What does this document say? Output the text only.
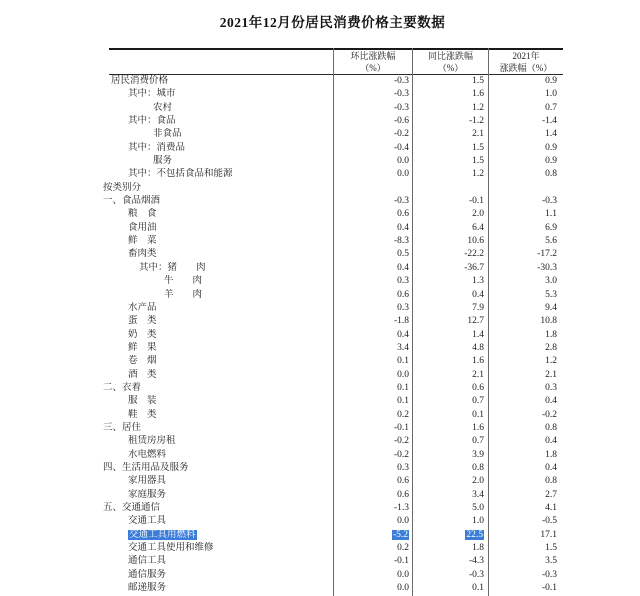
2021年12月份居民消费价格主要数据
环比涨跌幅
（%）
同比涨跌幅
（%）
2021年
涨跌幅（%）
居民消费价格	-0.3	1.5	0.9
其中：城市	-0.3	1.6	1.0
农村	-0.3	1.2	0.7
其中：食品	-0.6	-1.2	-1.4
非食品	-0.2	2.1	1.4
其中：消费品	-0.4	1.5	0.9
服务	0.0	1.5	0.9
其中：不包括食品和能源	0.0	1.2	0.8
按类别分
一、食品烟酒	-0.3	-0.1	-0.3
粮　食	0.6	2.0	1.1
食用油	0.4	6.4	6.9
鲜　菜	-8.3	10.6	5.6
畜肉类	0.5	-22.2	-17.2
其中：猪　　肉	0.4	-36.7	-30.3
牛　　肉	0.3	1.3	3.0
羊　　肉	0.6	0.4	5.3
水产品	0.3	7.9	9.4
蛋　类	-1.8	12.7	10.8
奶　类	0.4	1.4	1.8
鲜　果	3.4	4.8	2.8
卷　烟	0.1	1.6	1.2
酒　类	0.0	2.1	2.1
二、衣着	0.1	0.6	0.3
服　装	0.1	0.7	0.4
鞋　类	0.2	0.1	-0.2
三、居住	-0.1	1.6	0.8
租赁房房租	-0.2	0.7	0.4
水电燃料	-0.2	3.9	1.8
四、生活用品及服务	0.3	0.8	0.4
家用器具	0.6	2.0	0.8
家庭服务	0.6	3.4	2.7
五、交通通信	-1.3	5.0	4.1
交通工具	0.0	1.0	-0.5
交通工具用燃料	-5.2	22.5	17.1
交通工具使用和维修	0.2	1.8	1.5
通信工具	-0.1	-4.3	3.5
通信服务	0.0	-0.3	-0.3
邮递服务	0.0	0.1	-0.1
